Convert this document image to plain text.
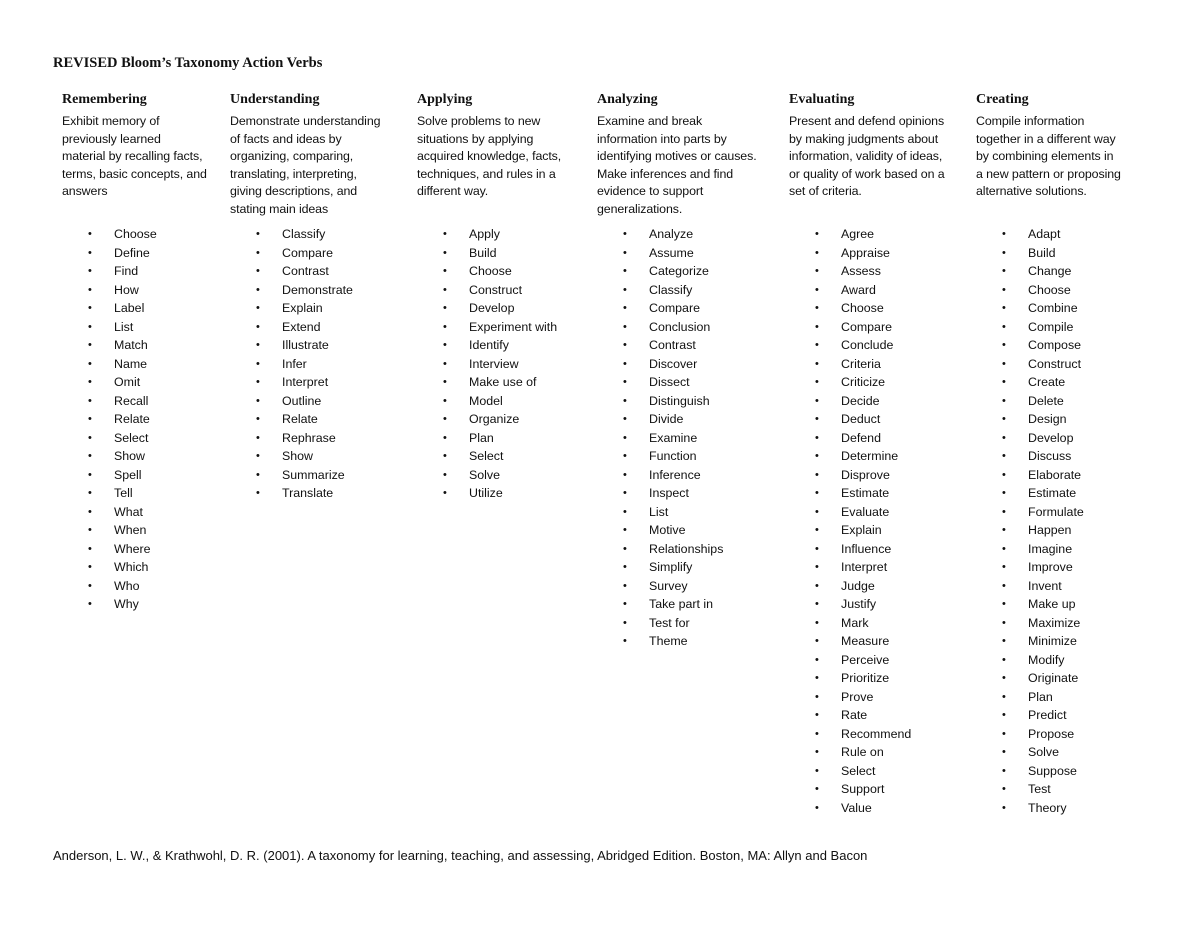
REVISED Bloom’s Taxonomy Action Verbs
Remembering
Exhibit memory of
previously learned
material by recalling facts,
terms, basic concepts, and
answers
• Choose
• Define
• Find
• How
• Label
• List
• Match
• Name
• Omit
• Recall
• Relate
• Select
• Show
• Spell
• Tell
• What
• When
• Where
• Which
• Who
• Why
Understanding
Demonstrate understanding
of facts and ideas by
organizing, comparing,
translating, interpreting,
giving descriptions, and
stating main ideas
• Classify
• Compare
• Contrast
• Demonstrate
• Explain
• Extend
• Illustrate
• Infer
• Interpret
• Outline
• Relate
• Rephrase
• Show
• Summarize
• Translate
Applying
Solve problems to new
situations by applying
acquired knowledge, facts,
techniques, and rules in a
different way.
• Apply
• Build
• Choose
• Construct
• Develop
• Experiment with
• Identify
• Interview
• Make use of
• Model
• Organize
• Plan
• Select
• Solve
• Utilize
Analyzing
Examine and break
information into parts by
identifying motives or causes.
Make inferences and find
evidence to support
generalizations.
• Analyze
• Assume
• Categorize
• Classify
• Compare
• Conclusion
• Contrast
• Discover
• Dissect
• Distinguish
• Divide
• Examine
• Function
• Inference
• Inspect
• List
• Motive
• Relationships
• Simplify
• Survey
• Take part in
• Test for
• Theme
Evaluating
Present and defend opinions
by making judgments about
information, validity of ideas,
or quality of work based on a
set of criteria.
• Agree
• Appraise
• Assess
• Award
• Choose
• Compare
• Conclude
• Criteria
• Criticize
• Decide
• Deduct
• Defend
• Determine
• Disprove
• Estimate
• Evaluate
• Explain
• Influence
• Interpret
• Judge
• Justify
• Mark
• Measure
• Perceive
• Prioritize
• Prove
• Rate
• Recommend
• Rule on
• Select
• Support
• Value
Creating
Compile information
together in a different way
by combining elements in
a new pattern or proposing
alternative solutions.
• Adapt
• Build
• Change
• Choose
• Combine
• Compile
• Compose
• Construct
• Create
• Delete
• Design
• Develop
• Discuss
• Elaborate
• Estimate
• Formulate
• Happen
• Imagine
• Improve
• Invent
• Make up
• Maximize
• Minimize
• Modify
• Originate
• Plan
• Predict
• Propose
• Solve
• Suppose
• Test
• Theory
Anderson, L. W., & Krathwohl, D. R. (2001). A taxonomy for learning, teaching, and assessing, Abridged Edition. Boston, MA: Allyn and Bacon
